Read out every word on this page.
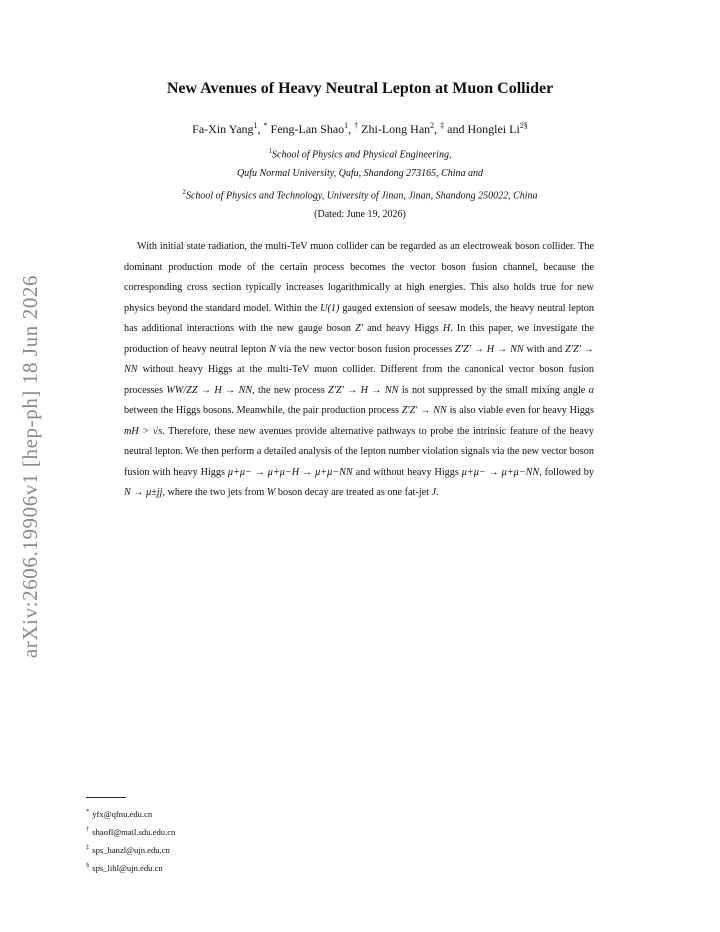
arXiv:2606.19906v1 [hep-ph] 18 Jun 2026
New Avenues of Heavy Neutral Lepton at Muon Collider
Fa-Xin Yang$^1$, * Feng-Lan Shao$^1$, † Zhi-Long Han$^2$, ‡ and Honglei $Li^{2\S}$
$^1$School of Physics and Physical Engineering,
Qufu Normal University, Qufu, Shandong 273165, China and
$^2$School of Physics and Technology, University of Jinan, Jinan, Shandong 250022, China
(Dated: June 19, 2026)

With initial state radiation, the multi-TeV muon collider can be regarded as an electroweak boson collider. The dominant production mode of the certain process becomes the vector boson fusion channel, because the corresponding cross section typically increases logarithmically at high energies. This also holds true for new physics beyond the standard model. Within the U(1) gauged extension of seesaw models, the heavy neutral lepton has additional interactions with the new gauge boson Z′ and heavy Higgs H. In this paper, we investigate the production of heavy neutral lepton N via the new vector boson fusion processes Z′Z′ → H → NN with and Z′Z′ → NN without heavy Higgs at the multi-TeV muon collider. Different from the canonical vector boson fusion processes WW/ZZ → H → NN, the new process Z′Z′ → H → NN is not suppressed by the small mixing angle α between the Higgs bosons. Meanwhile, the pair production process Z′Z′ → NN is also viable even for heavy Higgs mH > √s. Therefore, these new avenues provide alternative pathways to probe the intrinsic feature of the heavy neutral lepton. We then perform a detailed analysis of the lepton number violation signals via the new vector boson fusion with heavy Higgs μ+μ− → μ+μ−H → μ+μ−NN and without heavy Higgs μ+μ− → μ+μ−NN, followed by N → μ±jj, where the two jets from W boson decay are treated as one fat-jet J.

* yfx@qfnu.edu.cn
† shaofl@mail.sdu.edu.cn
‡ sps_hanzl@ujn.edu.cn
§ sps_lihl@ujn.edu.cn
